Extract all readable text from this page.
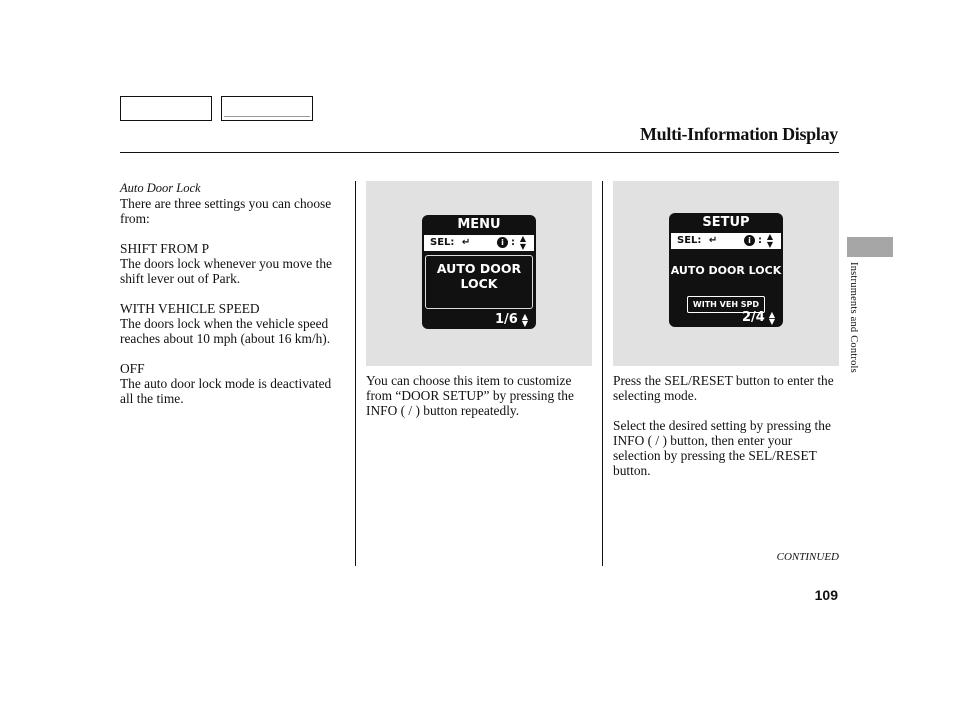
Multi-Information Display
Auto Door Lock

There are three settings you can choose from:

SHIFT FROM P

The doors lock whenever you move the shift lever out of Park.

WITH VEHICLE SPEED

The doors lock when the vehicle speed reaches about 10 mph (about 16 km/h).

OFF

The auto door lock mode is deactivated all the time.

MENU
SEL: ↵	i : ▲
▼
AUTO DOOR
LOCK
1/6 ▲
▼
SETUP
SEL: ↵	i : ▲
▼
AUTO DOOR LOCK
WITH VEH SPD
2/4 ▲
▼

You can choose this item to customize from “DOOR SETUP” by pressing the INFO ( / ) button repeatedly.

Press the SEL/RESET button to enter the selecting mode.

Select the desired setting by pressing the INFO ( / ) button, then enter your selection by pressing the SEL/RESET button.

Instruments and Controls
CONTINUED
109
